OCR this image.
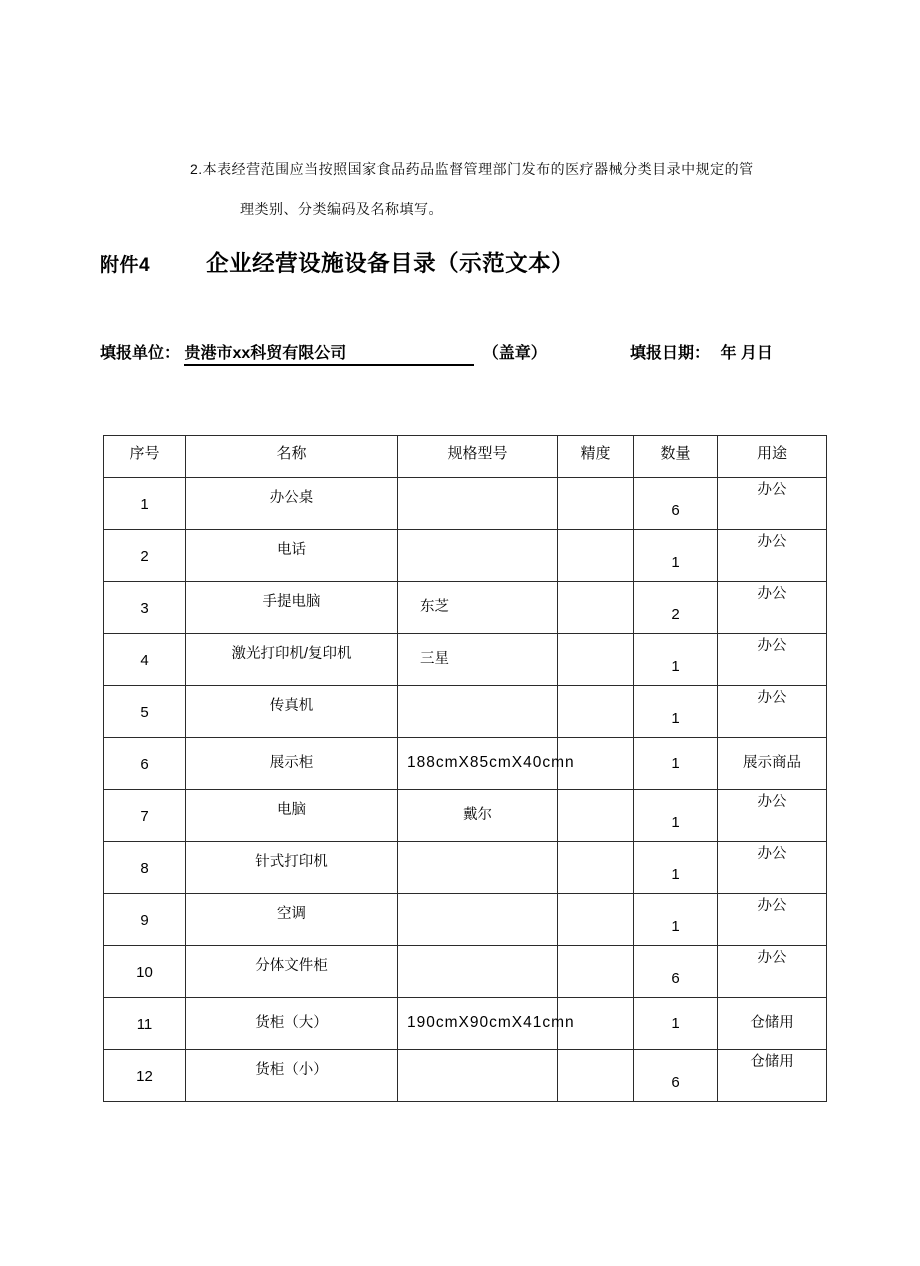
2.本表经营范围应当按照国家食品药品监督管理部门发布的医疗器械分类目录中规定的管
理类别、分类编码及名称填写。
附件4 企业经营设施设备目录（示范文本）
填报单位： 贵港市xx科贸有限公司	（盖章）	填报日期： 年 月日
序号	名称	规格型号	精度	数量	用途

1	办公桌			6	办公

2	电话			1	办公

3	手提电脑	东芝		2	办公

4	激光打印机/复印机	三星		1	办公

5	传真机			1	办公

6	展示柜	188cmX85cmX40cmn		1	展示商品

7	电脑	戴尔		1	办公

8	针式打印机			1	办公

9	空调			1	办公

10	分体文件柜			6	办公

11	货柜（大）	190cmX90cmX41cmn		1	仓储用

12	货柜（小）			6	仓储用
